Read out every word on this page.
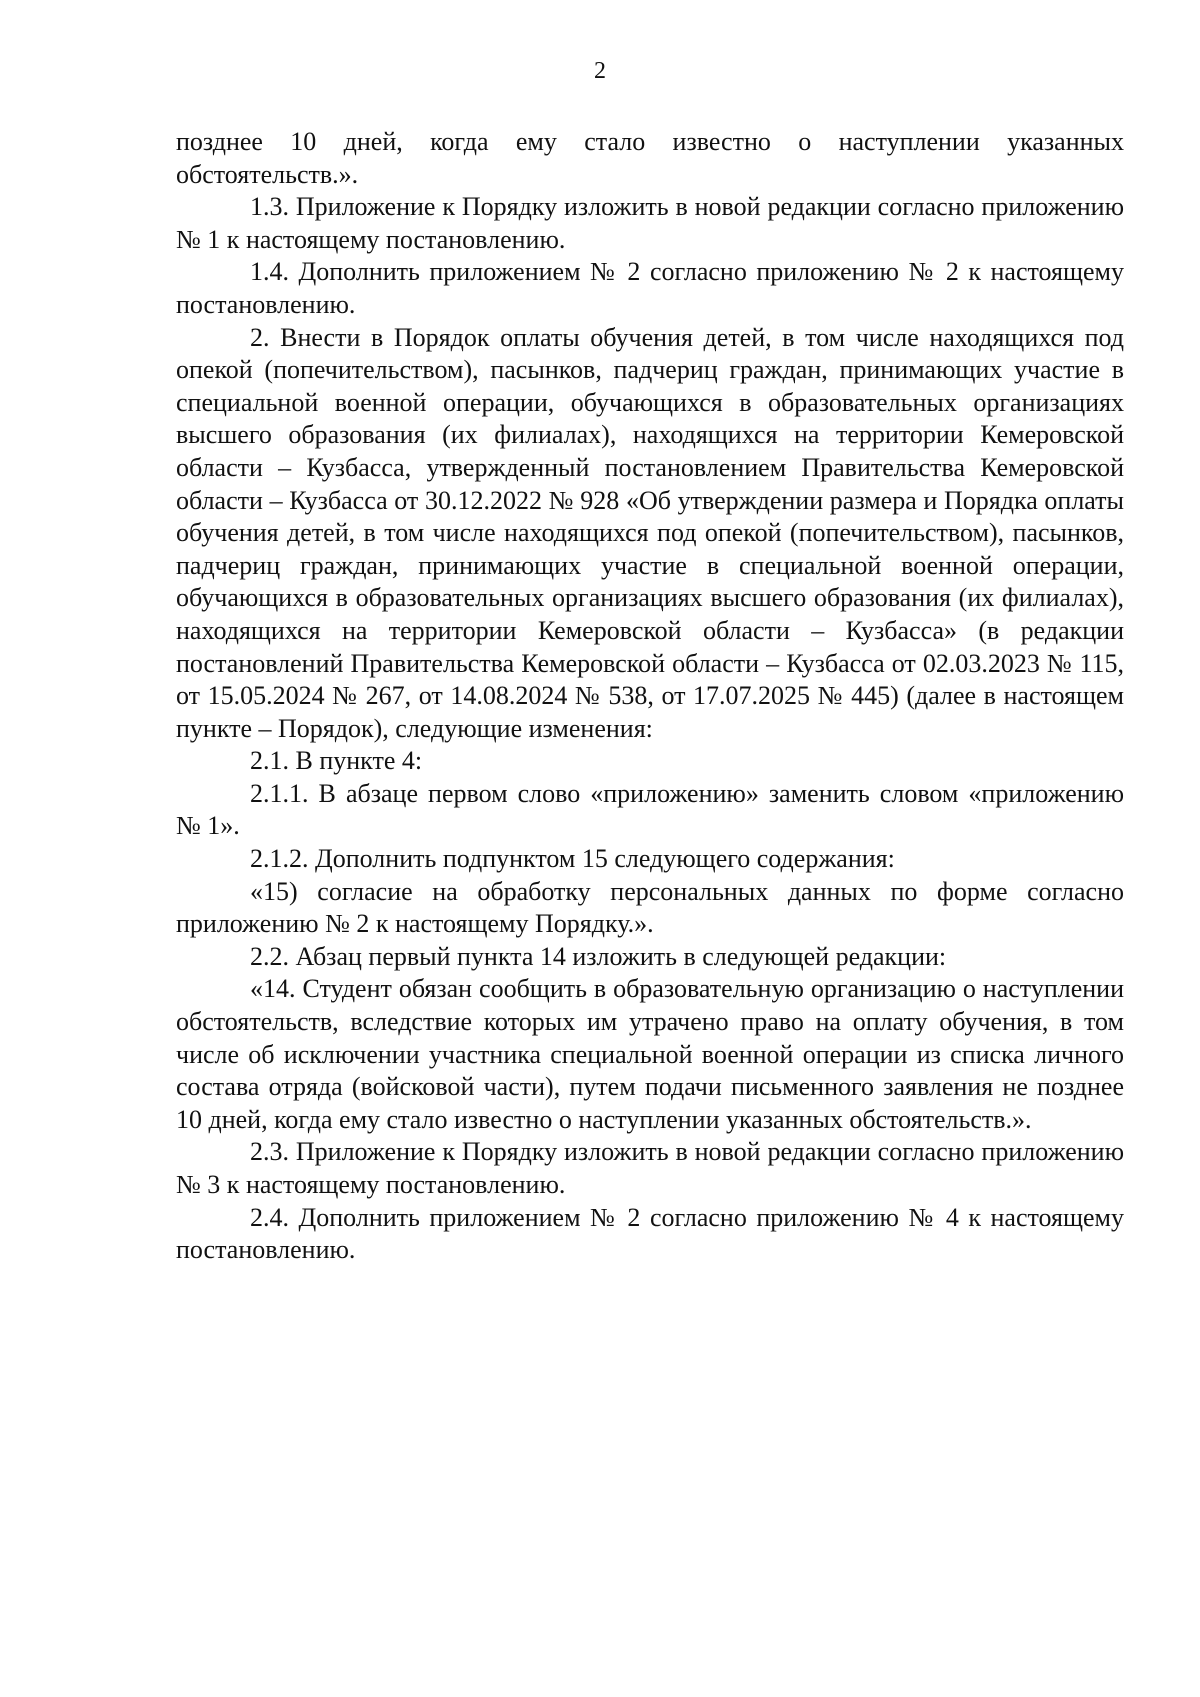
2

позднее 10 дней, когда ему стало известно о наступлении указанных обстоятельств.».

1.3. Приложение к Порядку изложить в новой редакции согласно приложению № 1 к настоящему постановлению.

1.4. Дополнить приложением № 2 согласно приложению № 2 к настоящему постановлению.

2. Внести в Порядок оплаты обучения детей, в том числе находящихся под опекой (попечительством), пасынков, падчериц граждан, принимающих участие в специальной военной операции, обучающихся в образовательных организациях высшего образования (их филиалах), находящихся на территории Кемеровской области – Кузбасса, утвержденный постановлением Правительства Кемеровской области – Кузбасса от 30.12.2022 № 928 «Об утверждении размера и Порядка оплаты обучения детей, в том числе находящихся под опекой (попечительством), пасынков, падчериц граждан, принимающих участие в специальной военной операции, обучающихся в образовательных организациях высшего образования (их филиалах), находящихся на территории Кемеровской области – Кузбасса» (в редакции постановлений Правительства Кемеровской области – Кузбасса от 02.03.2023 № 115, от 15.05.2024 № 267, от 14.08.2024 № 538, от 17.07.2025 № 445) (далее в настоящем пункте – Порядок), следующие изменения:

2.1. В пункте 4:

2.1.1. В абзаце первом слово «приложению» заменить словом «приложению № 1».

2.1.2. Дополнить подпунктом 15 следующего содержания:

«15) согласие на обработку персональных данных по форме согласно приложению № 2 к настоящему Порядку.».

2.2. Абзац первый пункта 14 изложить в следующей редакции:

«14. Студент обязан сообщить в образовательную организацию о наступлении обстоятельств, вследствие которых им утрачено право на оплату обучения, в том числе об исключении участника специальной военной операции из списка личного состава отряда (войсковой части), путем подачи письменного заявления не позднее 10 дней, когда ему стало известно о наступлении указанных обстоятельств.».

2.3. Приложение к Порядку изложить в новой редакции согласно приложению № 3 к настоящему постановлению.

2.4. Дополнить приложением № 2 согласно приложению № 4 к настоящему постановлению.
